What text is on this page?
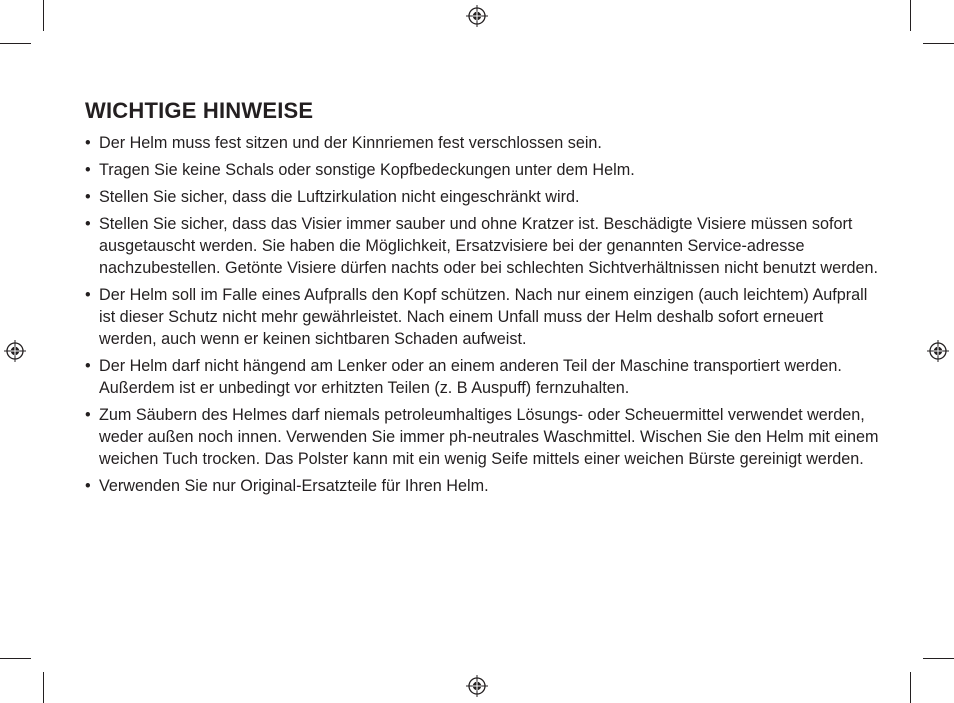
WICHTIGE HINWEISE
• Der Helm muss fest sitzen und der Kinnriemen fest verschlossen sein.
• Tragen Sie keine Schals oder sonstige Kopfbedeckungen unter dem Helm.
• Stellen Sie sicher, dass die Luftzirkulation nicht eingeschränkt wird.
• Stellen Sie sicher, dass das Visier immer sauber und ohne Kratzer ist. Beschädigte Visiere müssen sofort ausgetauscht werden. Sie haben die Möglichkeit, Ersatzvisiere bei der genannten Service-adresse nachzubestellen. Getönte Visiere dürfen nachts oder bei schlechten Sichtverhältnissen nicht benutzt werden.
• Der Helm soll im Falle eines Aufpralls den Kopf schützen. Nach nur einem einzigen (auch leichtem) Aufprall ist dieser Schutz nicht mehr gewährleistet. Nach einem Unfall muss der Helm deshalb sofort erneuert werden, auch wenn er keinen sichtbaren Schaden aufweist.
• Der Helm darf nicht hängend am Lenker oder an einem anderen Teil der Maschine transportiert werden. Außerdem ist er unbedingt vor erhitzten Teilen (z. B Auspuff) fernzuhalten.
• Zum Säubern des Helmes darf niemals petroleumhaltiges Lösungs- oder Scheuermittel verwendet werden, weder außen noch innen. Verwenden Sie immer ph-neutrales Waschmittel. Wischen Sie den Helm mit einem weichen Tuch trocken. Das Polster kann mit ein wenig Seife mittels einer weichen Bürste gereinigt werden.
• Verwenden Sie nur Original-Ersatzteile für Ihren Helm.
